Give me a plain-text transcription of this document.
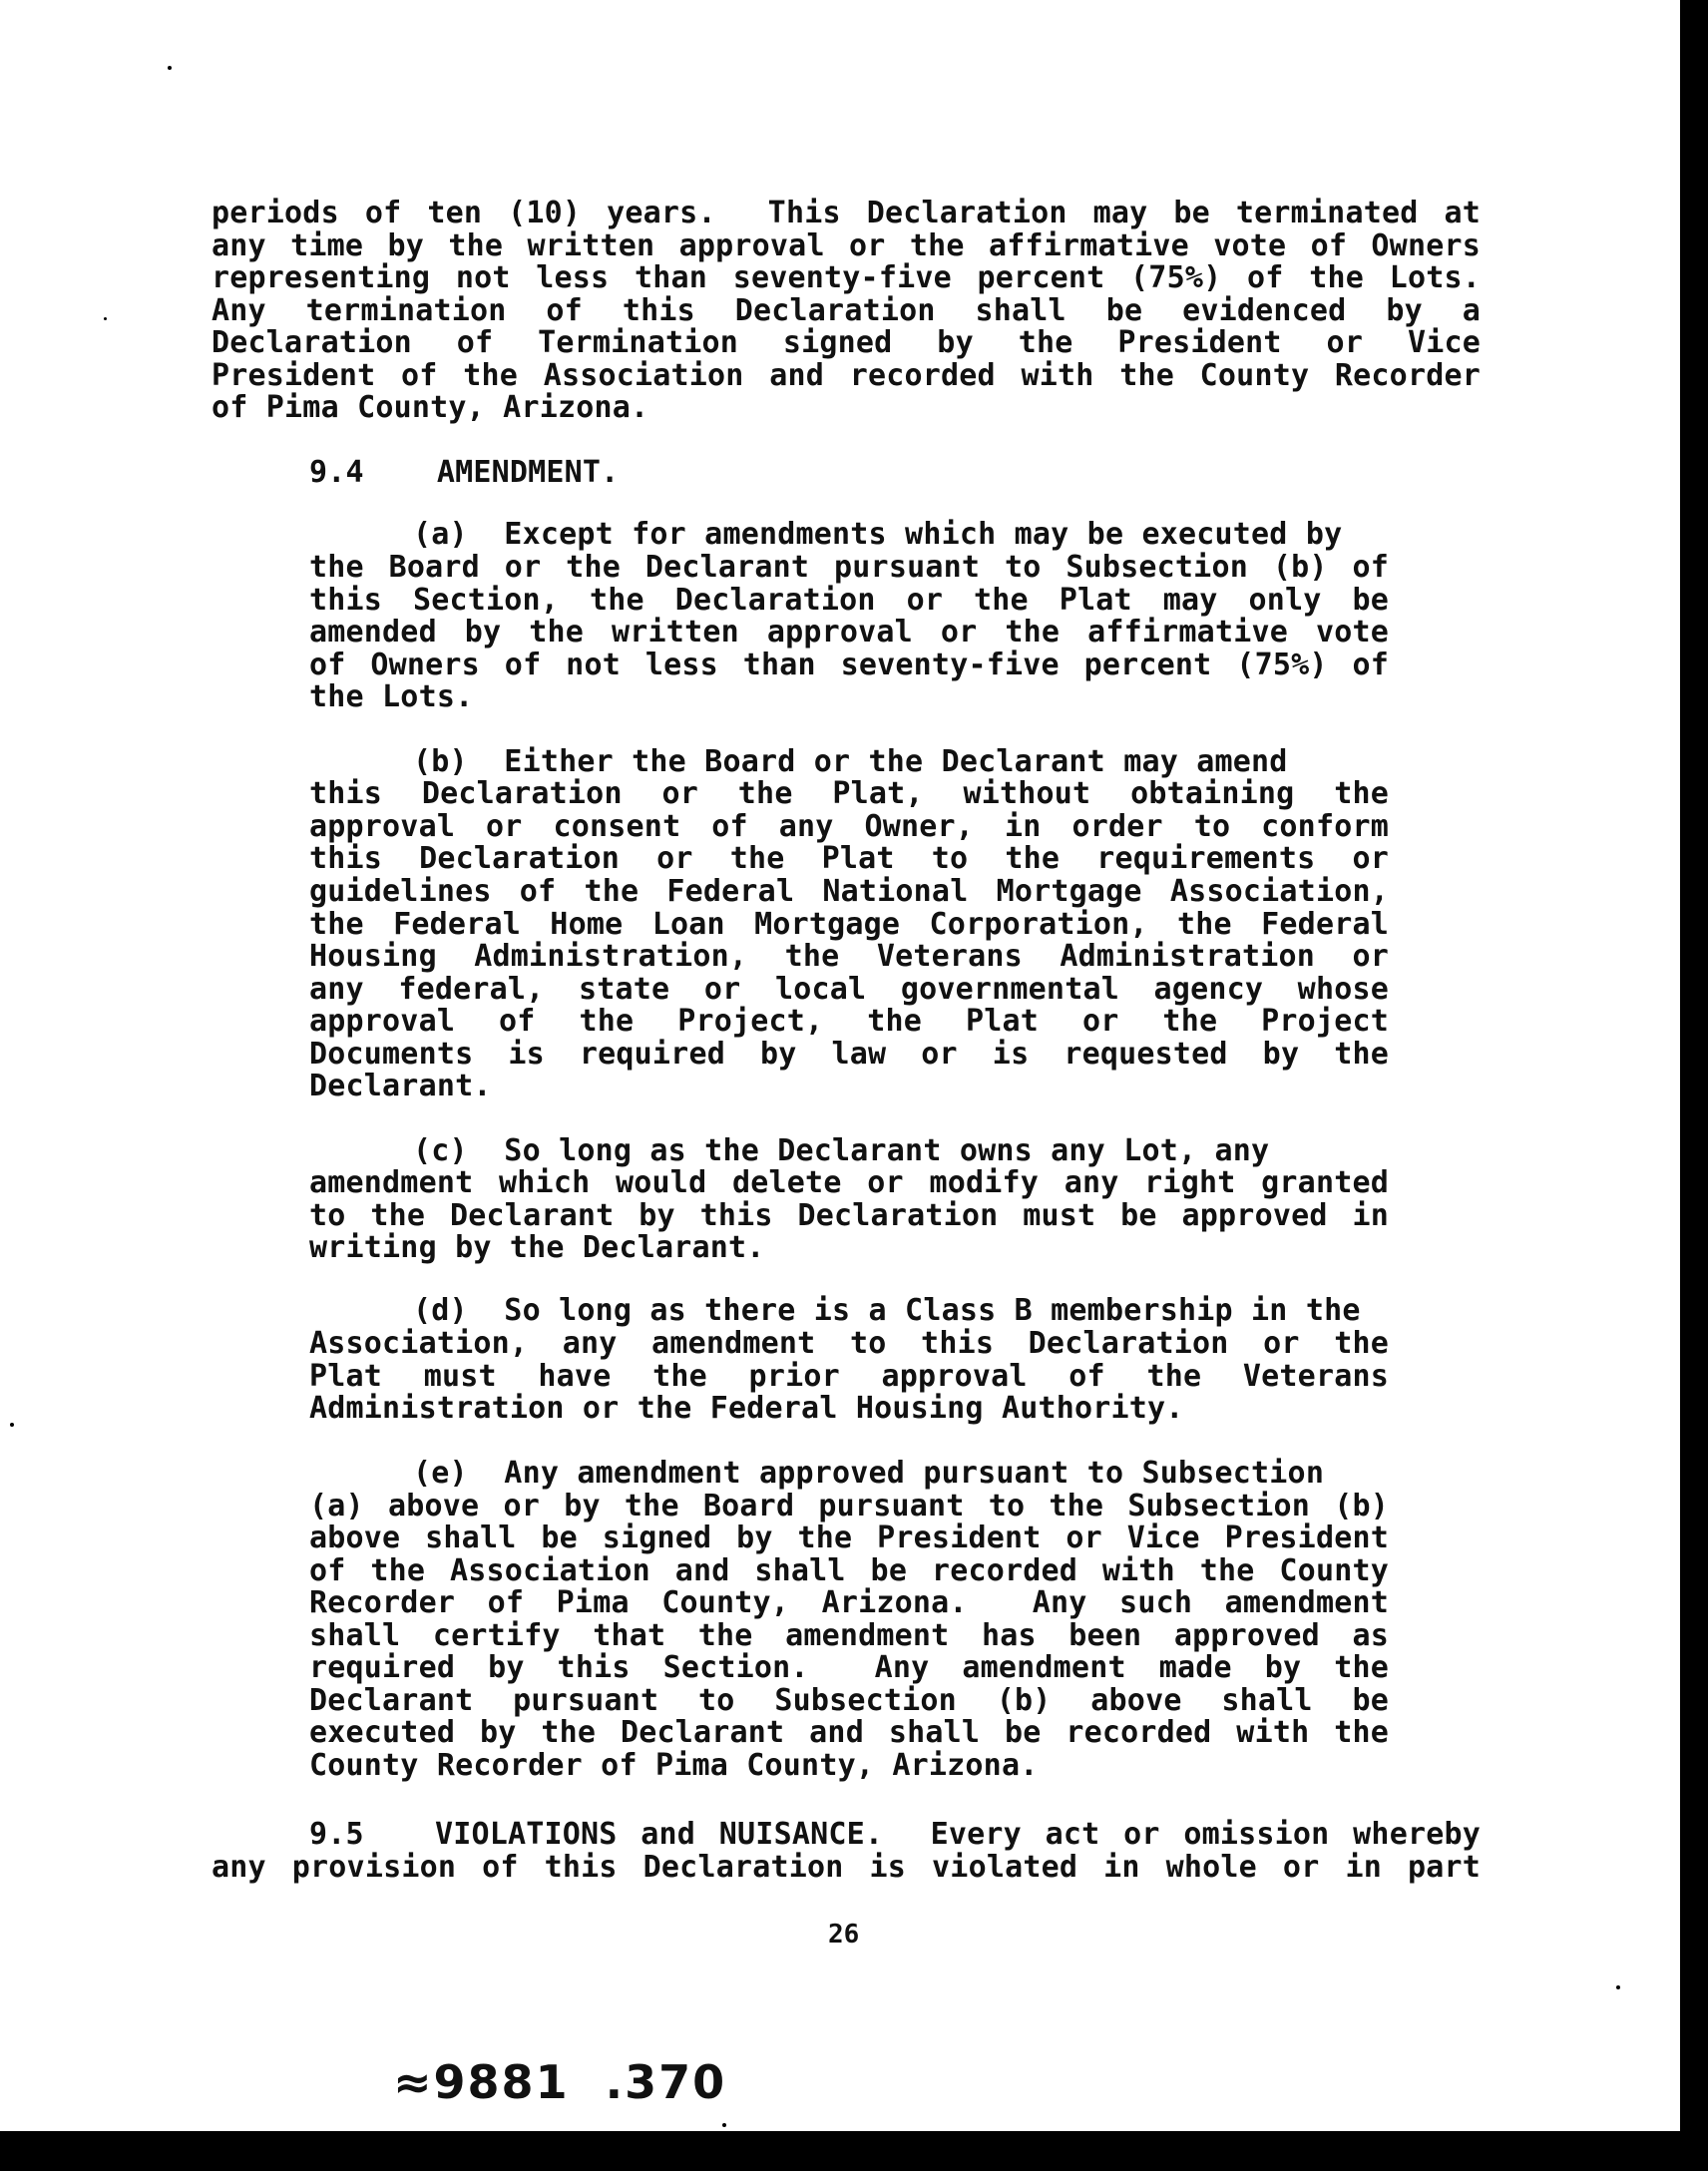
periods of ten (10) years.  This Declaration may be terminated at
any time by the written approval or the affirmative vote of Owners
representing not less than seventy-five percent (75%) of the Lots.
Any termination of this Declaration shall be evidenced by a
Declaration of Termination signed by the President or Vice
President of the Association and recorded with the County Recorder
of Pima County, Arizona.
9.4    AMENDMENT.
(a)  Except for amendments which may be executed by
the Board or the Declarant pursuant to Subsection (b) of
this Section, the Declaration or the Plat may only be
amended by the written approval or the affirmative vote
of Owners of not less than seventy-five percent (75%) of
the Lots.
(b)  Either the Board or the Declarant may amend
this Declaration or the Plat, without obtaining the
approval or consent of any Owner, in order to conform
this Declaration or the Plat to the requirements or
guidelines of the Federal National Mortgage Association,
the Federal Home Loan Mortgage Corporation, the Federal
Housing Administration, the Veterans Administration or
any federal, state or local governmental agency whose
approval of the Project, the Plat or the Project
Documents is required by law or is requested by the
Declarant.
(c)  So long as the Declarant owns any Lot, any
amendment which would delete or modify any right granted
to the Declarant by this Declaration must be approved in
writing by the Declarant.
(d)  So long as there is a Class B membership in the
Association, any amendment to this Declaration or the
Plat must have the prior approval of the Veterans
Administration or the Federal Housing Authority.
(e)  Any amendment approved pursuant to Subsection
(a) above or by the Board pursuant to the Subsection (b)
above shall be signed by the President or Vice President
of the Association and shall be recorded with the County
Recorder of Pima County, Arizona.  Any such amendment
shall certify that the amendment has been approved as
required by this Section.  Any amendment made by the
Declarant pursuant to Subsection (b) above shall be
executed by the Declarant and shall be recorded with the
County Recorder of Pima County, Arizona.
9.5   VIOLATIONS and NUISANCE.  Every act or omission whereby
any provision of this Declaration is violated in whole or in part
26
≈9881  .370
